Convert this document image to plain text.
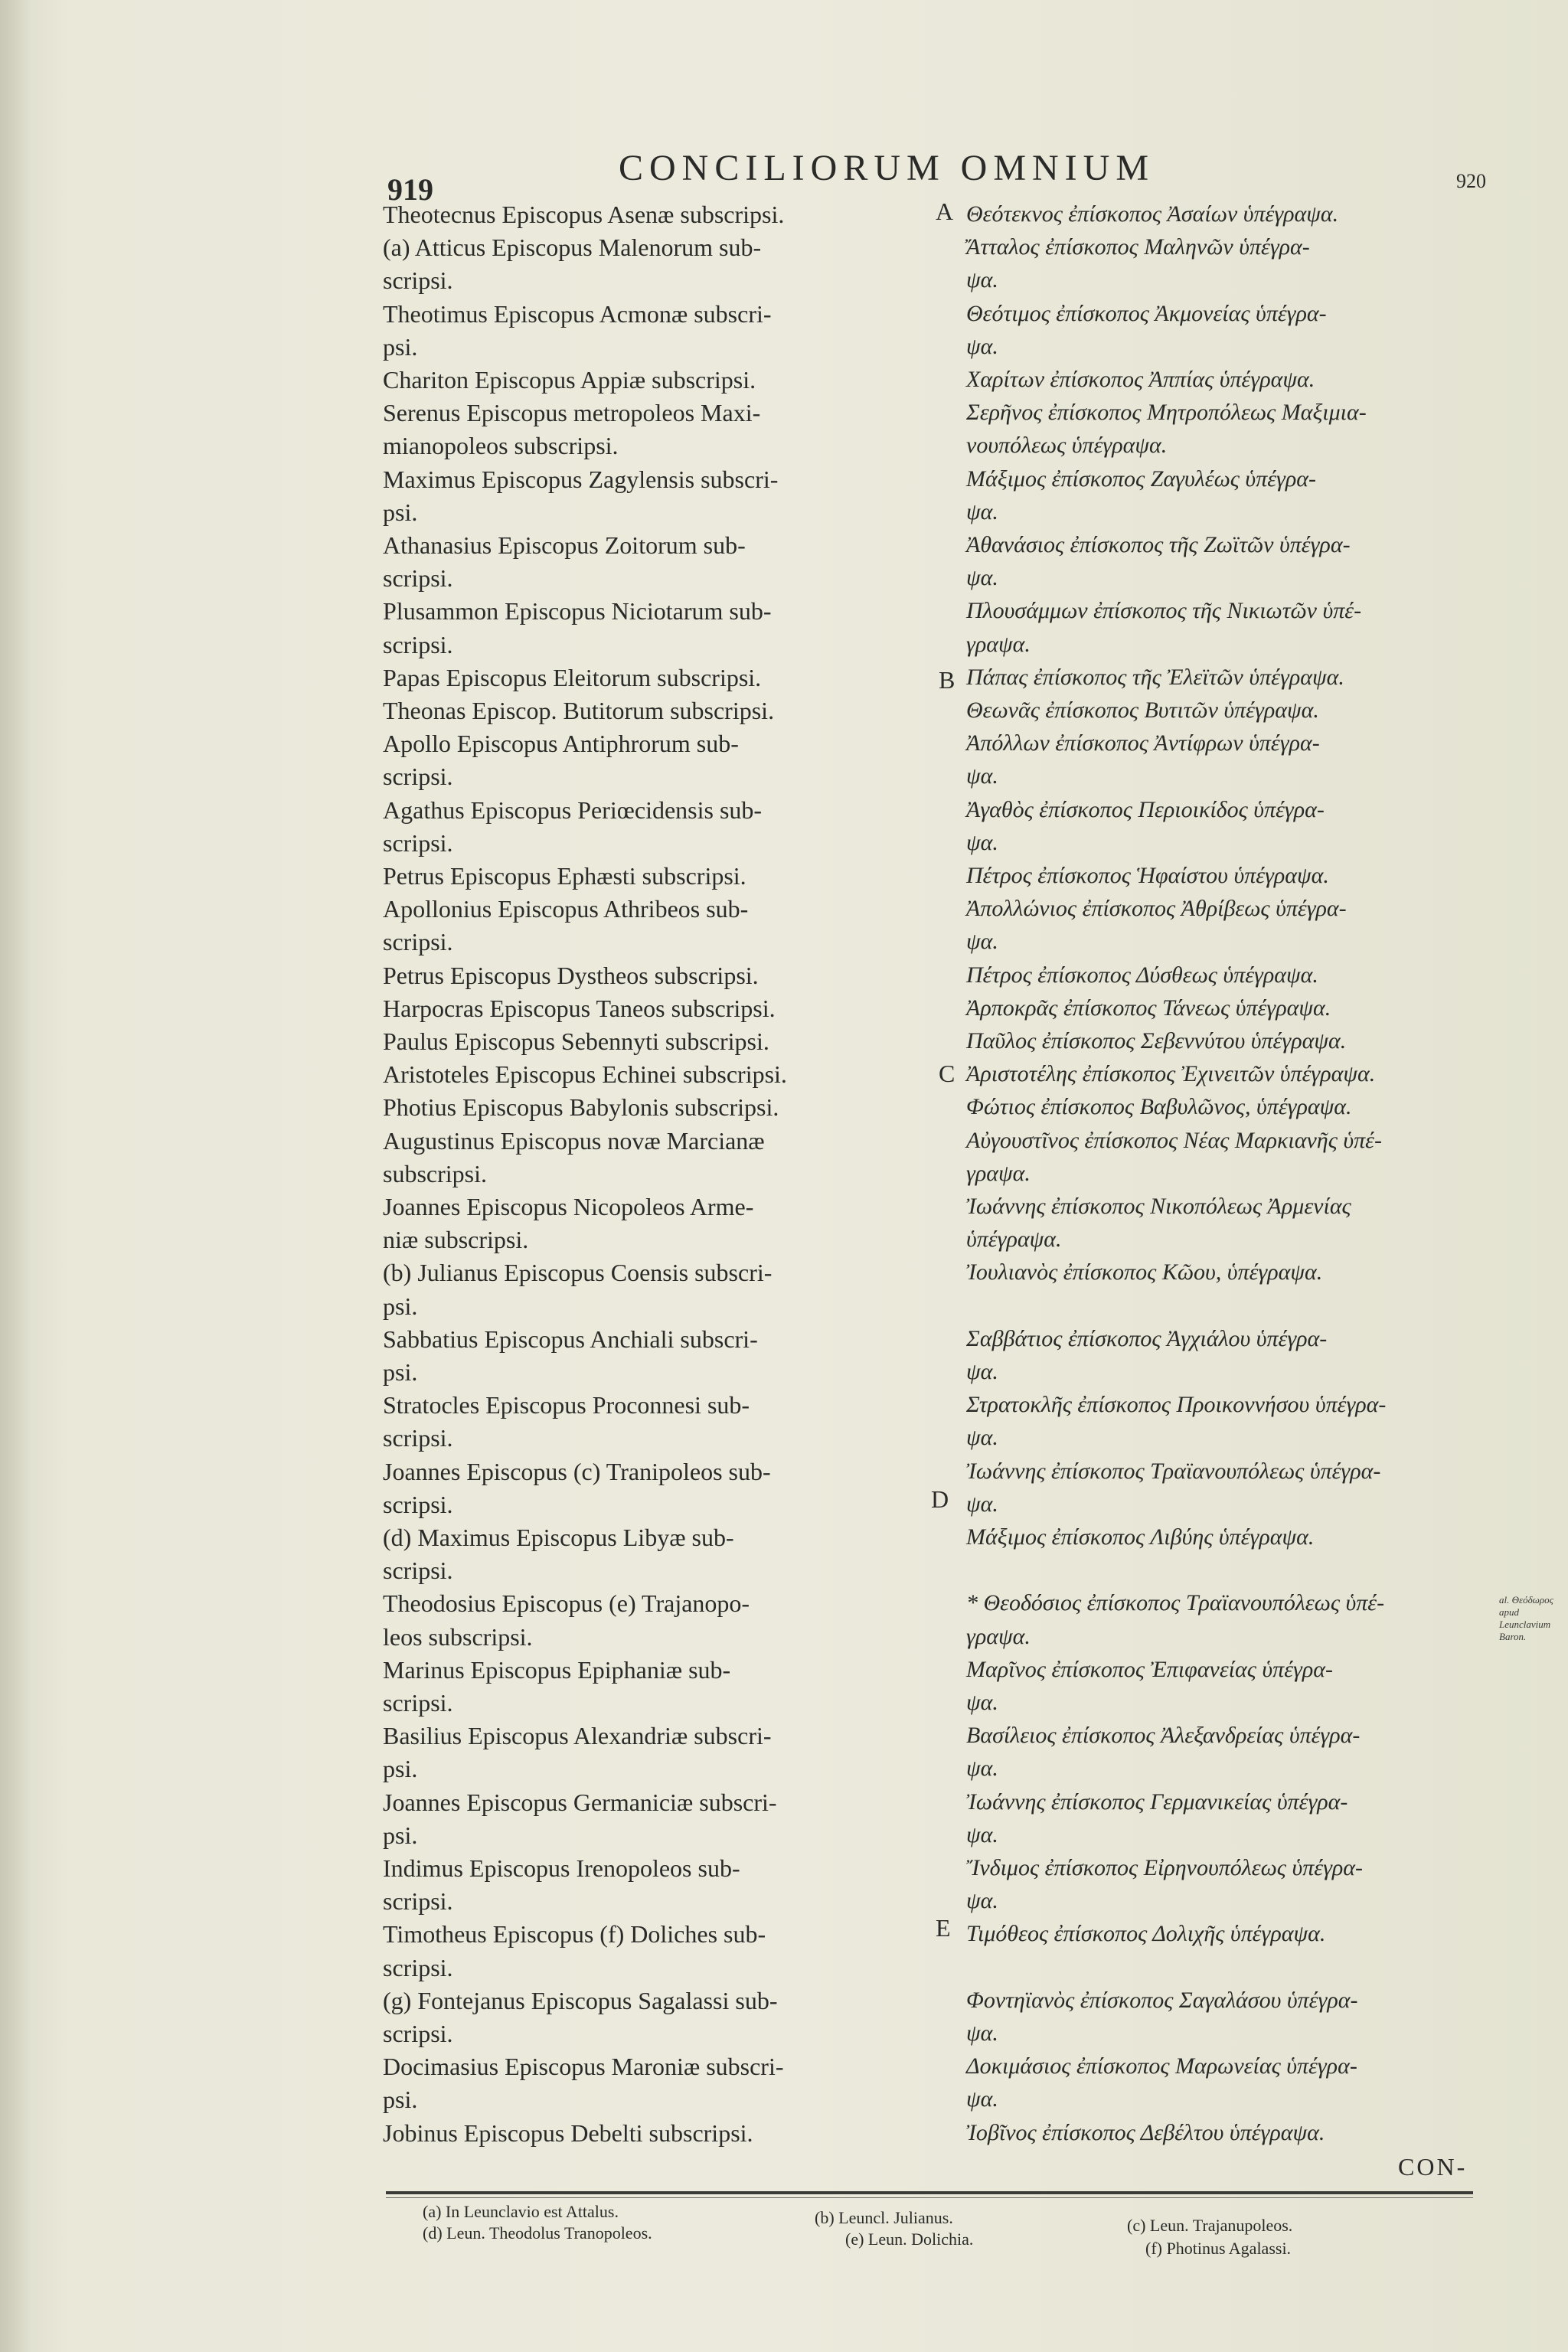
919
CONCILIORUM OMNIUM	920
Theotecnus Episcopus Asenæ subscripsi.
(a) Atticus Episcopus Malenorum sub-
scripsi.
Theotimus Episcopus Acmonæ subscri-
psi.
Chariton Episcopus Appiæ subscripsi.
Serenus Episcopus metropoleos Maxi-
mianopoleos subscripsi.
Maximus Episcopus Zagylensis subscri-
psi.
Athanasius Episcopus Zoitorum sub-
scripsi.
Plusammon Episcopus Niciotarum sub-
scripsi.
Papas Episcopus Eleitorum subscripsi.
Theonas Episcop. Butitorum subscripsi.
Apollo Episcopus Antiphrorum sub-
scripsi.
Agathus Episcopus Periœcidensis sub-
scripsi.
Petrus Episcopus Ephæsti subscripsi.
Apollonius Episcopus Athribeos sub-
scripsi.
Petrus Episcopus Dystheos subscripsi.
Harpocras Episcopus Taneos subscripsi.
Paulus Episcopus Sebennyti subscripsi.
Aristoteles Episcopus Echinei subscripsi.
Photius Episcopus Babylonis subscripsi.
Augustinus Episcopus novæ Marcianæ
subscripsi.
Joannes Episcopus Nicopoleos Arme-
niæ subscripsi.
(b) Julianus Episcopus Coensis subscri-
psi.
Sabbatius Episcopus Anchiali subscri-
psi.
Stratocles Episcopus Proconnesi sub-
scripsi.
Joannes Episcopus (c) Tranipoleos sub-
scripsi.
(d) Maximus Episcopus Libyæ sub-
scripsi.
Theodosius Episcopus (e) Trajanopo-
leos subscripsi.
Marinus Episcopus Epiphaniæ sub-
scripsi.
Basilius Episcopus Alexandriæ subscri-
psi.
Joannes Episcopus Germaniciæ subscri-
psi.
Indimus Episcopus Irenopoleos sub-
scripsi.
Timotheus Episcopus (f) Doliches sub-
scripsi.
(g) Fontejanus Episcopus Sagalassi sub-
scripsi.
Docimasius Episcopus Maroniæ subscri-
psi.
Jobinus Episcopus Debelti subscripsi.
Θεότεκνος ἐπίσκοπος Ἀσαίων ὑπέγραψα.
Ἄτταλος ἐπίσκοπος Μαληνῶν ὑπέγρα-
ψα.
Θεότιμος ἐπίσκοπος Ἀκμονείας ὑπέγρα-
ψα.
Χαρίτων ἐπίσκοπος Ἀππίας ὑπέγραψα.
Σερῆνος ἐπίσκοπος Μητροπόλεως Μαξιμια-
νουπόλεως ὑπέγραψα.
Μάξιμος ἐπίσκοπος Ζαγυλέως ὑπέγρα-
ψα.
Ἀθανάσιος ἐπίσκοπος τῆς Ζωϊτῶν ὑπέγρα-
ψα.
Πλουσάμμων ἐπίσκοπος τῆς Νικιωτῶν ὑπέ-
γραψα.
Πάπας ἐπίσκοπος τῆς Ἐλεϊτῶν ὑπέγραψα.
Θεωνᾶς ἐπίσκοπος Βυτιτῶν ὑπέγραψα.
Ἀπόλλων ἐπίσκοπος Ἀντίφρων ὑπέγρα-
ψα.
Ἀγαθὸς ἐπίσκοπος Περιοικίδος ὑπέγρα-
ψα.
Πέτρος ἐπίσκοπος Ἡφαίστου ὑπέγραψα.
Ἀπολλώνιος ἐπίσκοπος Ἀθρίβεως ὑπέγρα-
ψα.
Πέτρος ἐπίσκοπος Δύσθεως ὑπέγραψα.
Ἀρποκρᾶς ἐπίσκοπος Τάνεως ὑπέγραψα.
Παῦλος ἐπίσκοπος Σεβεννύτου ὑπέγραψα.
Ἀριστοτέλης ἐπίσκοπος Ἐχινειτῶν ὑπέγραψα.
Φώτιος ἐπίσκοπος Βαβυλῶνος, ὑπέγραψα.
Αὐγουστῖνος ἐπίσκοπος Νέας Μαρκιανῆς ὑπέ-
γραψα.
Ἰωάννης ἐπίσκοπος Νικοπόλεως Ἀρμενίας
ὑπέγραψα.
Ἰουλιανὸς ἐπίσκοπος Κῶου, ὑπέγραψα.
Σαββάτιος ἐπίσκοπος Ἀγχιάλου ὑπέγρα-
ψα.
Στρατοκλῆς ἐπίσκοπος Προικοννήσου ὑπέγρα-
ψα.
Ἰωάννης ἐπίσκοπος Τραϊανουπόλεως ὑπέγρα-
ψα.
Μάξιμος ἐπίσκοπος Λιβύης ὑπέγραψα.
* Θεοδόσιος ἐπίσκοπος Τραϊανουπόλεως ὑπέ-
γραψα.
Μαρῖνος ἐπίσκοπος Ἐπιφανείας ὑπέγρα-
ψα.
Βασίλειος ἐπίσκοπος Ἀλεξανδρείας ὑπέγρα-
ψα.
Ἰωάννης ἐπίσκοπος Γερμανικείας ὑπέγρα-
ψα.
Ἴνδιμος ἐπίσκοπος Εἰρηνουπόλεως ὑπέγρα-
ψα.
Τιμόθεος ἐπίσκοπος Δολιχῆς ὑπέγραψα.
Φοντηϊανὸς ἐπίσκοπος Σαγαλάσου ὑπέγρα-
ψα.
Δοκιμάσιος ἐπίσκοπος Μαρωνείας ὑπέγρα-
ψα.
Ἰοβῖνος ἐπίσκοπος Δεβέλτου ὑπέγραψα.
A
B
C
D
E
al. Θεόδωρος apud Leunclavium Baron.
CON-
(a) In Leunclavio est Attalus.
(d) Leun. Theodolus Tranopoleos.
(b) Leuncl. Julianus.
(e) Leun. Dolichia.
(c) Leun. Trajanupoleos.
(f) Photinus Agalassi.
